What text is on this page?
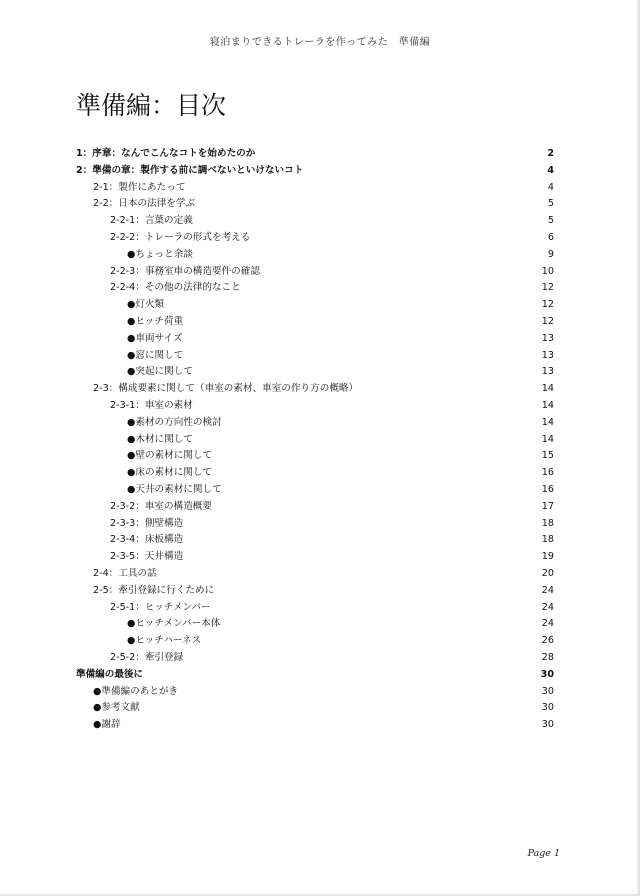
寝泊まりできるトレーラを作ってみた　準備編
準備編：目次
1：序章：なんでこんなコトを始めたのか	2
2：準備の章：製作する前に調べないといけないコト	4
2-1：製作にあたって	4
2-2：日本の法律を学ぶ	5
2-2-1：言葉の定義	5
2-2-2：トレーラの形式を考える	6
●ちょっと余談	9
2-2-3：事務室車の構造要件の確認	10
2-2-4：その他の法律的なこと	12
●灯火類	12
●ヒッチ荷重	12
●車両サイズ	13
●窓に関して	13
●突起に関して	13
2-3：構成要素に関して（車室の素材、車室の作り方の概略）	14
2-3-1：車室の素材	14
●素材の方向性の検討	14
●木材に関して	14
●壁の素材に関して	15
●床の素材に関して	16
●天井の素材に関して	16
2-3-2：車室の構造概要	17
2-3-3：側壁構造	18
2-3-4：床板構造	18
2-3-5：天井構造	19
2-4：工具の話	20
2-5：牽引登録に行くために	24
2-5-1：ヒッチメンバー	24
●ヒッチメンバー本体	24
●ヒッチハーネス	26
2-5-2：牽引登録	28
準備編の最後に	30
●準備編のあとがき	30
●参考文献	30
●謝辞	30
Page 1
